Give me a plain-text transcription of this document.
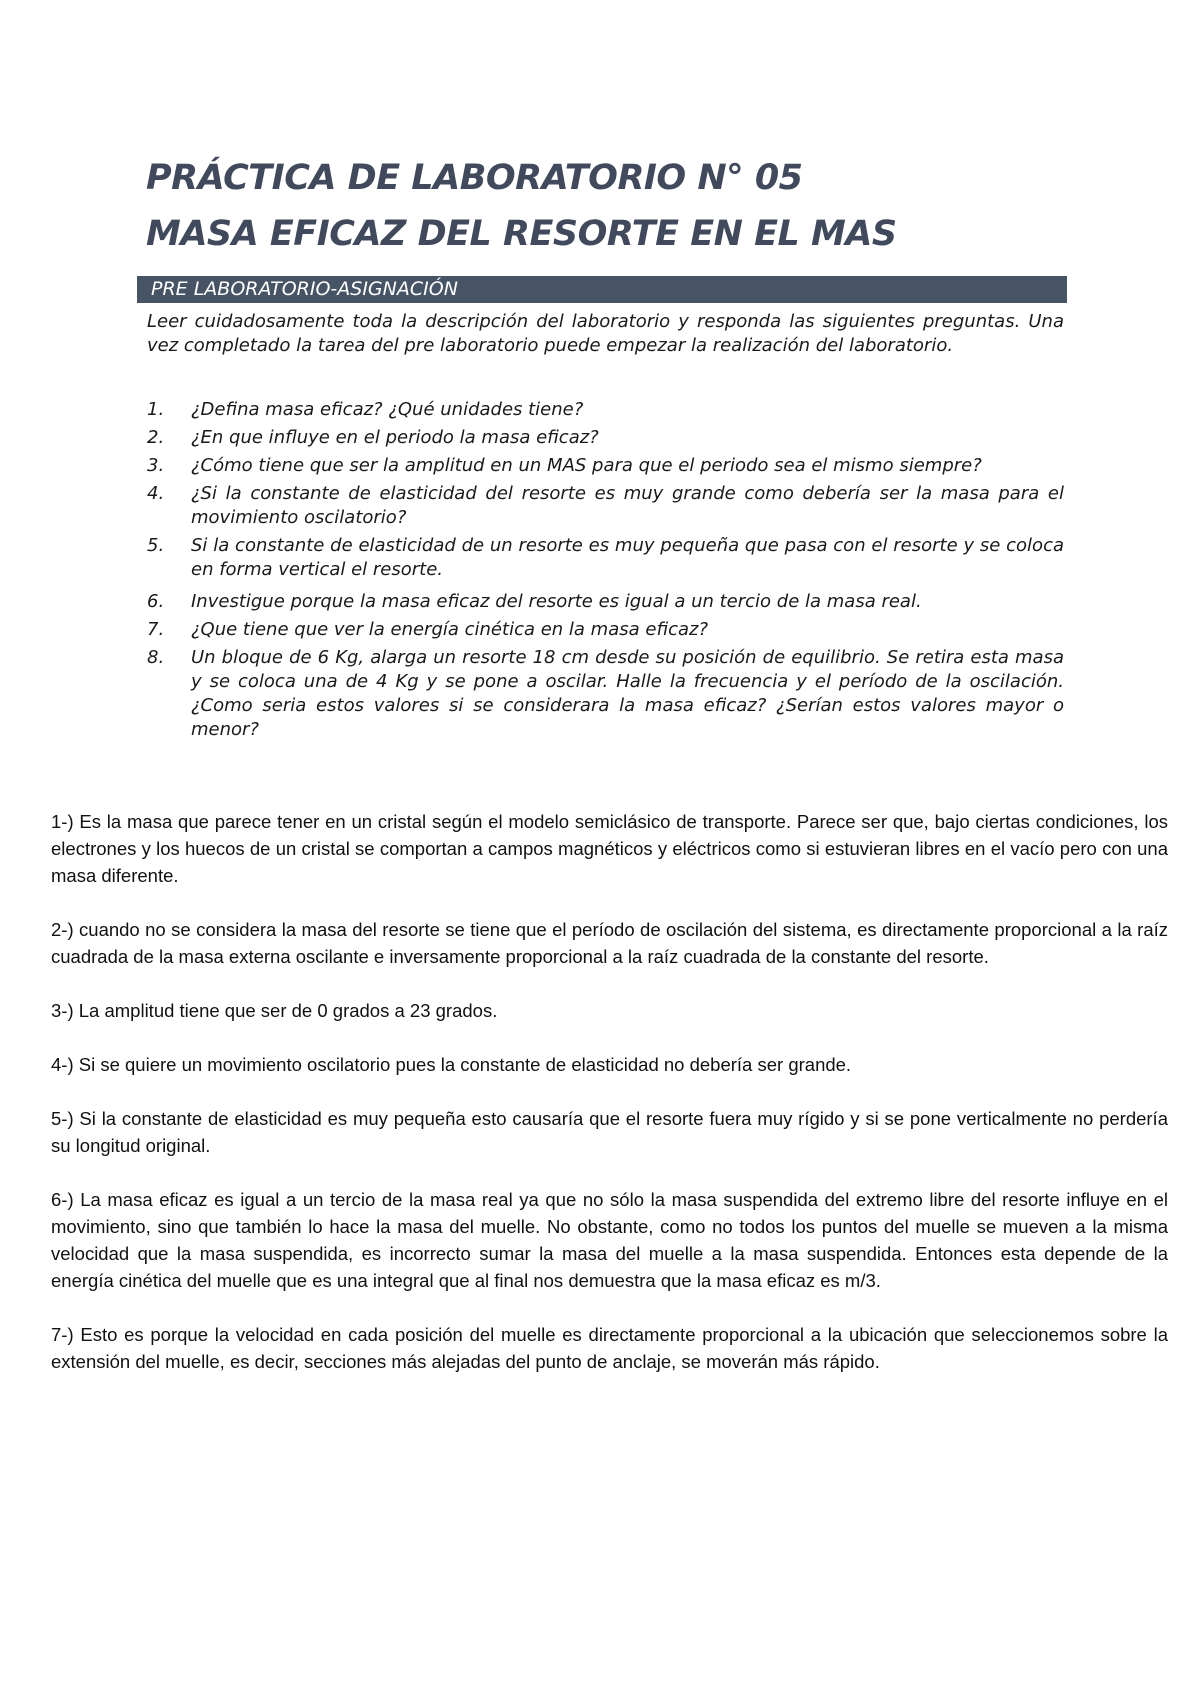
PRÁCTICA DE LABORATORIO N° 05
MASA EFICAZ DEL RESORTE EN EL MAS
PRE LABORATORIO-ASIGNACIÓN
Leer cuidadosamente toda la descripción del laboratorio y responda las siguientes preguntas. Una vez completado la tarea del pre laboratorio puede empezar la realización del laboratorio.
1.	¿Defina masa eficaz? ¿Qué unidades tiene?
2.	¿En que influye en el periodo la masa eficaz?
3.	¿Cómo tiene que ser la amplitud en un MAS para que el periodo sea el mismo siempre?
4.	¿Si la constante de elasticidad del resorte es muy grande como debería ser la masa para el movimiento oscilatorio?
5.	Si la constante de elasticidad de un resorte es muy pequeña que pasa con el resorte y se coloca en forma vertical el resorte.
6.	Investigue porque la masa eficaz del resorte es igual a un tercio de la masa real.
7.	¿Que tiene que ver la energía cinética en la masa eficaz?
8.	Un bloque de 6 Kg, alarga un resorte 18 cm desde su posición de equilibrio. Se retira esta masa y se coloca una de 4 Kg y se pone a oscilar. Halle la frecuencia y el período de la oscilación. ¿Como seria estos valores si se considerara la masa eficaz? ¿Serían estos valores mayor o menor?

1-) Es la masa que parece tener en un cristal según el modelo semiclásico de transporte. Parece ser que, bajo ciertas condiciones, los electrones y los huecos de un cristal se comportan a campos magnéticos y eléctricos como si estuvieran libres en el vacío pero con una masa diferente.

2-) cuando no se considera la masa del resorte se tiene que el período de oscilación del sistema, es directamente proporcional a la raíz cuadrada de la masa externa oscilante e inversamente proporcional a la raíz cuadrada de la constante del resorte.

3-) La amplitud tiene que ser de 0 grados a 23 grados.

4-) Si se quiere un movimiento oscilatorio pues la constante de elasticidad no debería ser grande.

5-) Si la constante de elasticidad es muy pequeña esto causaría que el resorte fuera muy rígido y si se pone verticalmente no perdería su longitud original.

6-) La masa eficaz es igual a un tercio de la masa real ya que no sólo la masa suspendida del extremo libre del resorte influye en el movimiento, sino que también lo hace la masa del muelle. No obstante, como no todos los puntos del muelle se mueven a la misma velocidad que la masa suspendida, es incorrecto sumar la masa del muelle a la masa suspendida. Entonces esta depende de la energía cinética del muelle que es una integral que al final nos demuestra que la masa eficaz es m/3.

7-) Esto es porque la velocidad en cada posición del muelle es directamente proporcional a la ubicación que seleccionemos sobre la extensión del muelle, es decir, secciones más alejadas del punto de anclaje, se moverán más rápido.
